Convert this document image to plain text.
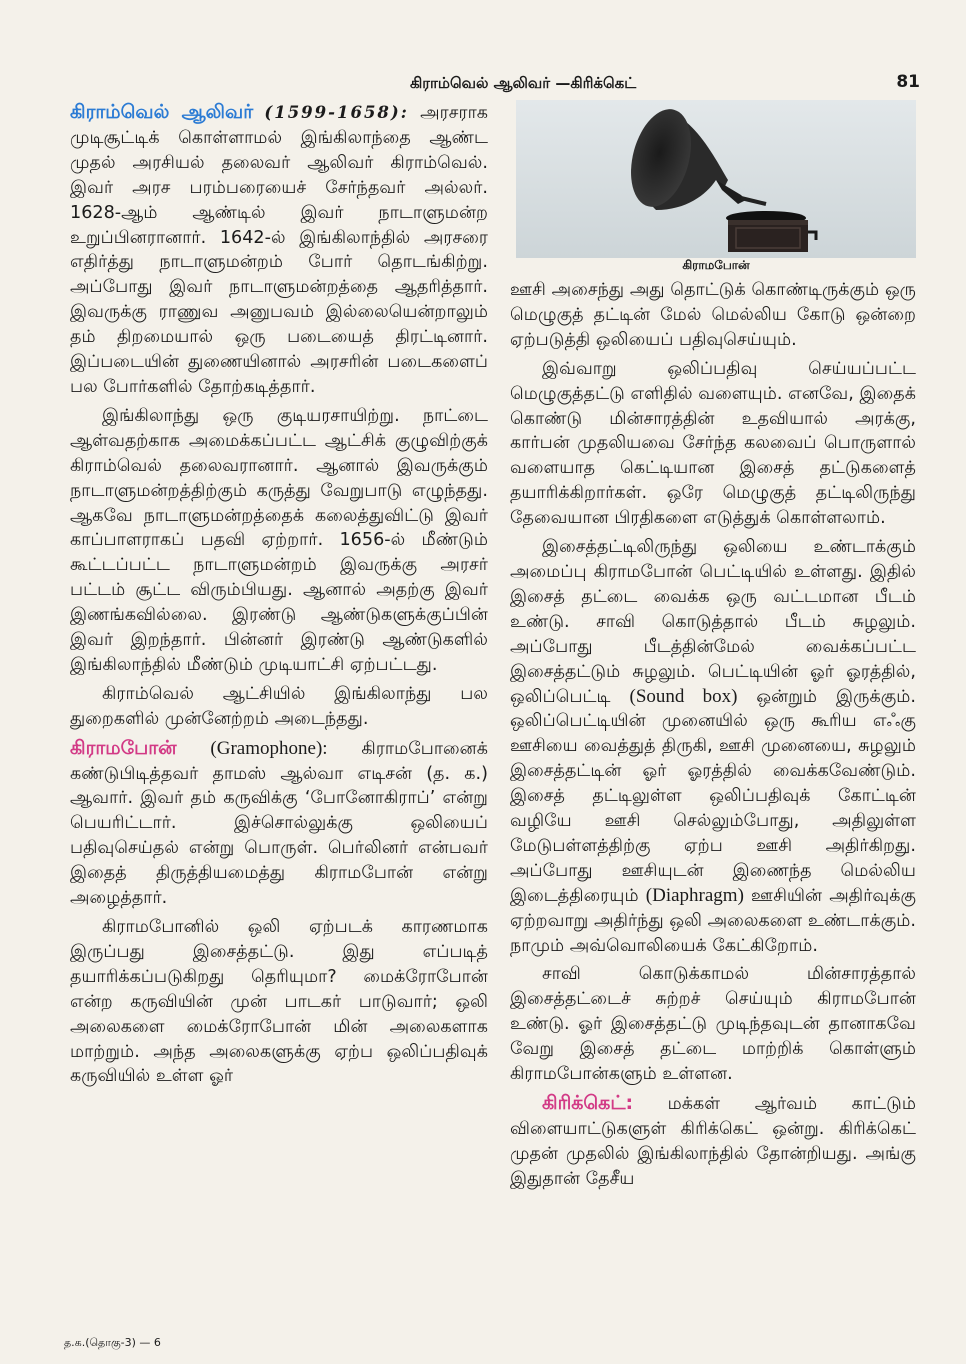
கிராம்வெல் ஆலிவர் —கிரிக்கெட்	81

கிராம்வெல் ஆலிவர் (1599-1658): அரசராக முடிசூட்டிக் கொள்ளாமல் இங்கிலாந்தை ஆண்ட முதல் அரசியல் தலைவர் ஆலிவர் கிராம்வெல். இவர் அரச பரம்பரையைச் சேர்ந்தவர் அல்லர். 1628-ஆம் ஆண்டில் இவர் நாடாளுமன்ற உறுப்பினரானார். 1642-ல் இங்கிலாந்தில் அரசரை எதிர்த்து நாடாளுமன்றம் போர் தொடங்கிற்று. அப்போது இவர் நாடாளுமன்றத்தை ஆதரித்தார். இவருக்கு ராணுவ அனுபவம் இல்லையென்றாலும் தம் திறமையால் ஒரு படையைத் திரட்டினார். இப்படையின் துணையினால் அரசரின் படைகளைப் பல போர்களில் தோற்கடித்தார்.

இங்கிலாந்து ஒரு குடியரசாயிற்று. நாட்டை ஆள்வதற்காக அமைக்கப்பட்ட ஆட்சிக் குழுவிற்குக் கிராம்வெல் தலைவரானார். ஆனால் இவருக்கும் நாடாளுமன்றத்திற்கும் கருத்து வேறுபாடு எழுந்தது. ஆகவே நாடாளுமன்றத்தைக் கலைத்துவிட்டு இவர் காப்பாளராகப் பதவி ஏற்றார். 1656-ல் மீண்டும் கூட்டப்பட்ட நாடாளுமன்றம் இவருக்கு அரசர் பட்டம் சூட்ட விரும்பியது. ஆனால் அதற்கு இவர் இணங்கவில்லை. இரண்டு ஆண்டுகளுக்குப்பின் இவர் இறந்தார். பின்னர் இரண்டு ஆண்டுகளில் இங்கிலாந்தில் மீண்டும் முடியாட்சி ஏற்பட்டது.

கிராம்வெல் ஆட்சியில் இங்கிலாந்து பல துறைகளில் முன்னேற்றம் அடைந்தது.

கிராமபோன் (Gramophone): கிராமபோனைக் கண்டுபிடித்தவர் தாமஸ் ஆல்வா எடிசன் (த. க.) ஆவார். இவர் தம் கருவிக்கு ‘போனோகிராப்’ என்று பெயரிட்டார். இச்சொல்லுக்கு ஒலியைப் பதிவுசெய்தல் என்று பொருள். பெர்லினர் என்பவர் இதைத் திருத்தியமைத்து கிராமபோன் என்று அழைத்தார்.

கிராமபோனில் ஒலி ஏற்படக் காரணமாக இருப்பது இசைத்தட்டு. இது எப்படித் தயாரிக்கப்படுகிறது தெரியுமா? மைக்ரோபோன் என்ற கருவியின் முன் பாடகர் பாடுவார்; ஒலி அலைகளை மைக்ரோபோன் மின் அலைகளாக மாற்றும். அந்த அலைகளுக்கு ஏற்ப ஒலிப்பதிவுக் கருவியில் உள்ள ஓர்

கிராமபோன்

ஊசி அசைந்து அது தொட்டுக் கொண்டிருக்கும் ஒரு மெழுகுத் தட்டின் மேல் மெல்லிய கோடு ஒன்றை ஏற்படுத்தி ஒலியைப் பதிவுசெய்யும்.

இவ்வாறு ஒலிப்பதிவு செய்யப்பட்ட மெழுகுத்தட்டு எளிதில் வளையும். எனவே, இதைக் கொண்டு மின்சாரத்தின் உதவியால் அரக்கு, கார்பன் முதலியவை சேர்ந்த கலவைப் பொருளால் வளையாத கெட்டியான இசைத் தட்டுகளைத் தயாரிக்கிறார்கள். ஒரே மெழுகுத் தட்டிலிருந்து தேவையான பிரதிகளை எடுத்துக் கொள்ளலாம்.

இசைத்தட்டிலிருந்து ஒலியை உண்டாக்கும் அமைப்பு கிராமபோன் பெட்டியில் உள்ளது. இதில் இசைத் தட்டை வைக்க ஒரு வட்டமான பீடம் உண்டு. சாவி கொடுத்தால் பீடம் சுழலும். அப்போது பீடத்தின்மேல் வைக்கப்பட்ட இசைத்தட்டும் சுழலும். பெட்டியின் ஓர் ஓரத்தில், ஒலிப்பெட்டி (Sound box) ஒன்றும் இருக்கும். ஒலிப்பெட்டியின் முனையில் ஒரு கூரிய எஃகு ஊசியை வைத்துத் திருகி, ஊசி முனையை, சுழலும் இசைத்தட்டின் ஓர் ஓரத்தில் வைக்கவேண்டும். இசைத் தட்டிலுள்ள ஒலிப்பதிவுக் கோட்டின் வழியே ஊசி செல்லும்போது, அதிலுள்ள மேடுபள்ளத்திற்கு ஏற்ப ஊசி அதிர்கிறது. அப்போது ஊசியுடன் இணைந்த மெல்லிய இடைத்திரையும் (Diaphragm) ஊசியின் அதிர்வுக்கு ஏற்றவாறு அதிர்ந்து ஒலி அலைகளை உண்டாக்கும். நாமும் அவ்வொலியைக் கேட்கிறோம்.

சாவி கொடுக்காமல் மின்சாரத்தால் இசைத்தட்டைச் சுற்றச் செய்யும் கிராமபோன் உண்டு. ஓர் இசைத்தட்டு முடிந்தவுடன் தானாகவே வேறு இசைத் தட்டை மாற்றிக் கொள்ளும் கிராமபோன்களும் உள்ளன.

கிரிக்கெட்: மக்கள் ஆர்வம் காட்டும் விளையாட்டுகளுள் கிரிக்கெட் ஒன்று. கிரிக்கெட் முதன் முதலில் இங்கிலாந்தில் தோன்றியது. அங்கு இதுதான் தேசீய

த.க.(தொகு-3) — 6
